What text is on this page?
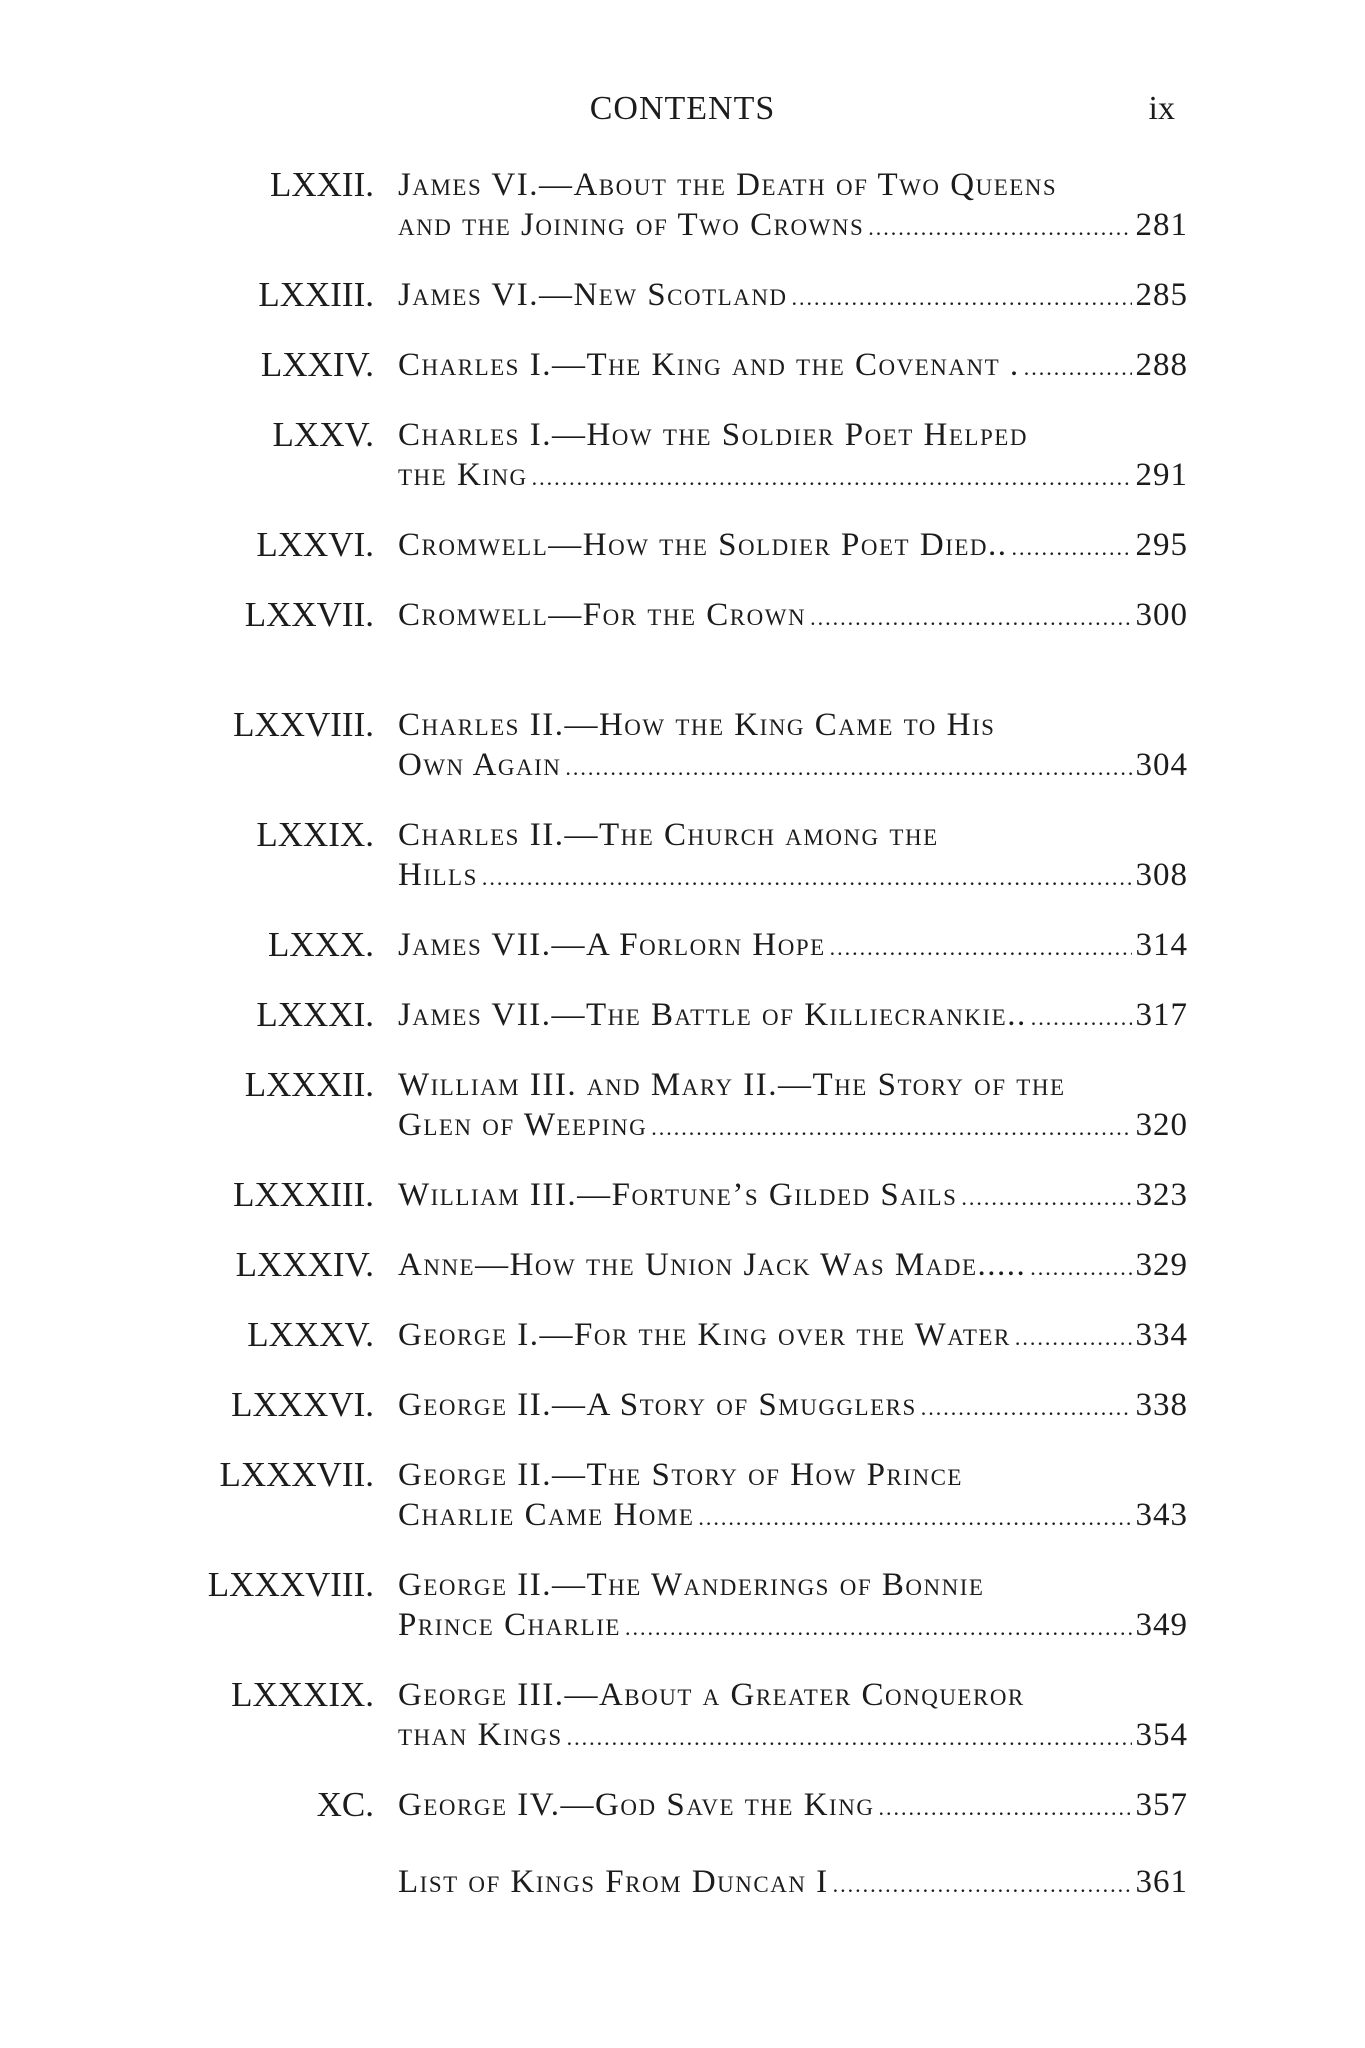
CONTENTS	ix
LXXII. James VI.—About the Death of Two Queens
and the Joining of Two Crowns .....	281
LXXIII. James VI.—New Scotland .....	285
LXXIV. Charles I.—The King and the Covenant . .....	288
LXXV. Charles I.—How the Soldier Poet Helped
the King .....	291
LXXVI. Cromwell—How the Soldier Poet Died.. .....	295
LXXVII. Cromwell—For the Crown .....	300
LXXVIII. Charles II.—How the King Came to His
Own Again .....	304
LXXIX. Charles II.—The Church among the
Hills .....	308
LXXX. James VII.—A Forlorn Hope .....	314
LXXXI. James VII.—The Battle of Killiecrankie.. .....	317
LXXXII. William III. and Mary II.—The Story of the
Glen of Weeping .....	320
LXXXIII. William III.—Fortune’s Gilded Sails .....	323
LXXXIV. Anne—How the Union Jack Was Made..... .....	329
LXXXV. George I.—For the King over the Water .....	334
LXXXVI. George II.—A Story of Smugglers .....	338
LXXXVII. George II.—The Story of How Prince
Charlie Came Home .....	343
LXXXVIII. George II.—The Wanderings of Bonnie
Prince Charlie .....	349
LXXXIX. George III.—About a Greater Conqueror
than Kings .....	354
XC. George IV.—God Save the King .....	357
List of Kings From Duncan I .....	361
